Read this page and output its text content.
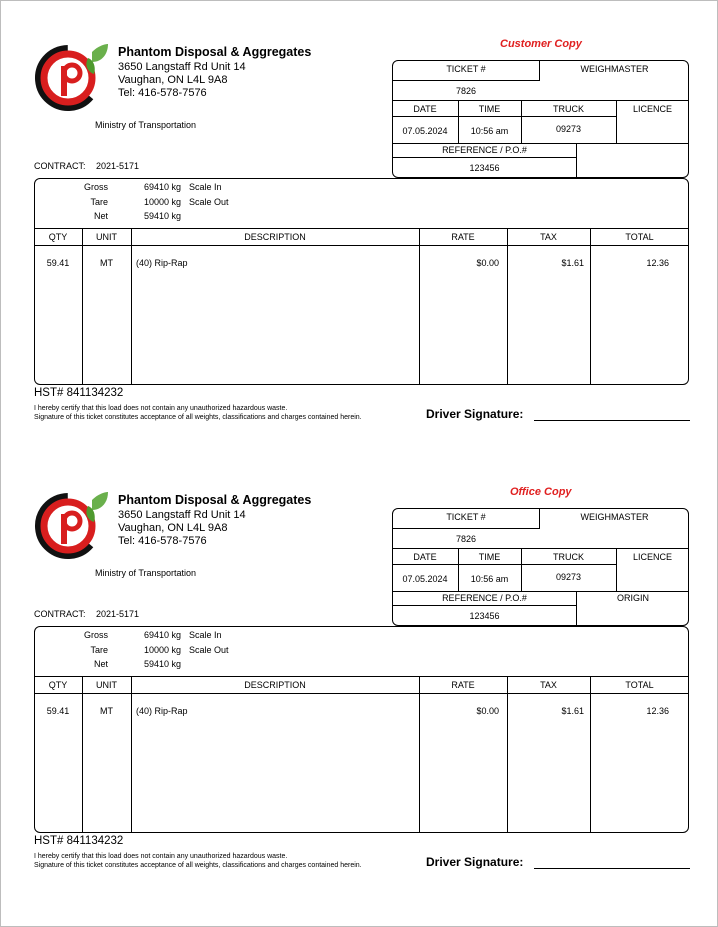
Phantom Disposal & Aggregates
3650 Langstaff Rd Unit 14
Vaughan, ON L4L 9A8
Tel: 416-578-7576
Ministry of Transportation
Customer Copy
TICKET #	WEIGHMASTER
7826
DATE	TIME	TRUCK	LICENCE
07.05.2024	10:56 am	09273
REFERENCE / P.O.#
123456
CONTRACT: 2021-5171
Gross	69410 kg Scale In
Tare	10000 kg Scale Out
Net	59410 kg
QTY	UNIT	DESCRIPTION	RATE	TAX	TOTAL
59.41	MT	(40) Rip-Rap	$0.00	$1.61	12.36
HST# 841134232
I hereby certify that this load does not contain any unauthorized hazardous waste.
Signature of this ticket constitutes acceptance of all weights, classifications and charges contained herein.	Driver Signature:
Phantom Disposal & Aggregates
3650 Langstaff Rd Unit 14
Vaughan, ON L4L 9A8
Tel: 416-578-7576
Ministry of Transportation
Office Copy
TICKET #	WEIGHMASTER
7826
DATE	TIME	TRUCK	LICENCE
07.05.2024	10:56 am	09273
REFERENCE / P.O.#	ORIGIN
123456
CONTRACT: 2021-5171
Gross	69410 kg Scale In
Tare	10000 kg Scale Out
Net	59410 kg
QTY	UNIT	DESCRIPTION	RATE	TAX	TOTAL
59.41	MT	(40) Rip-Rap	$0.00	$1.61	12.36
HST# 841134232
I hereby certify that this load does not contain any unauthorized hazardous waste.
Signature of this ticket constitutes acceptance of all weights, classifications and charges contained herein.	Driver Signature:
